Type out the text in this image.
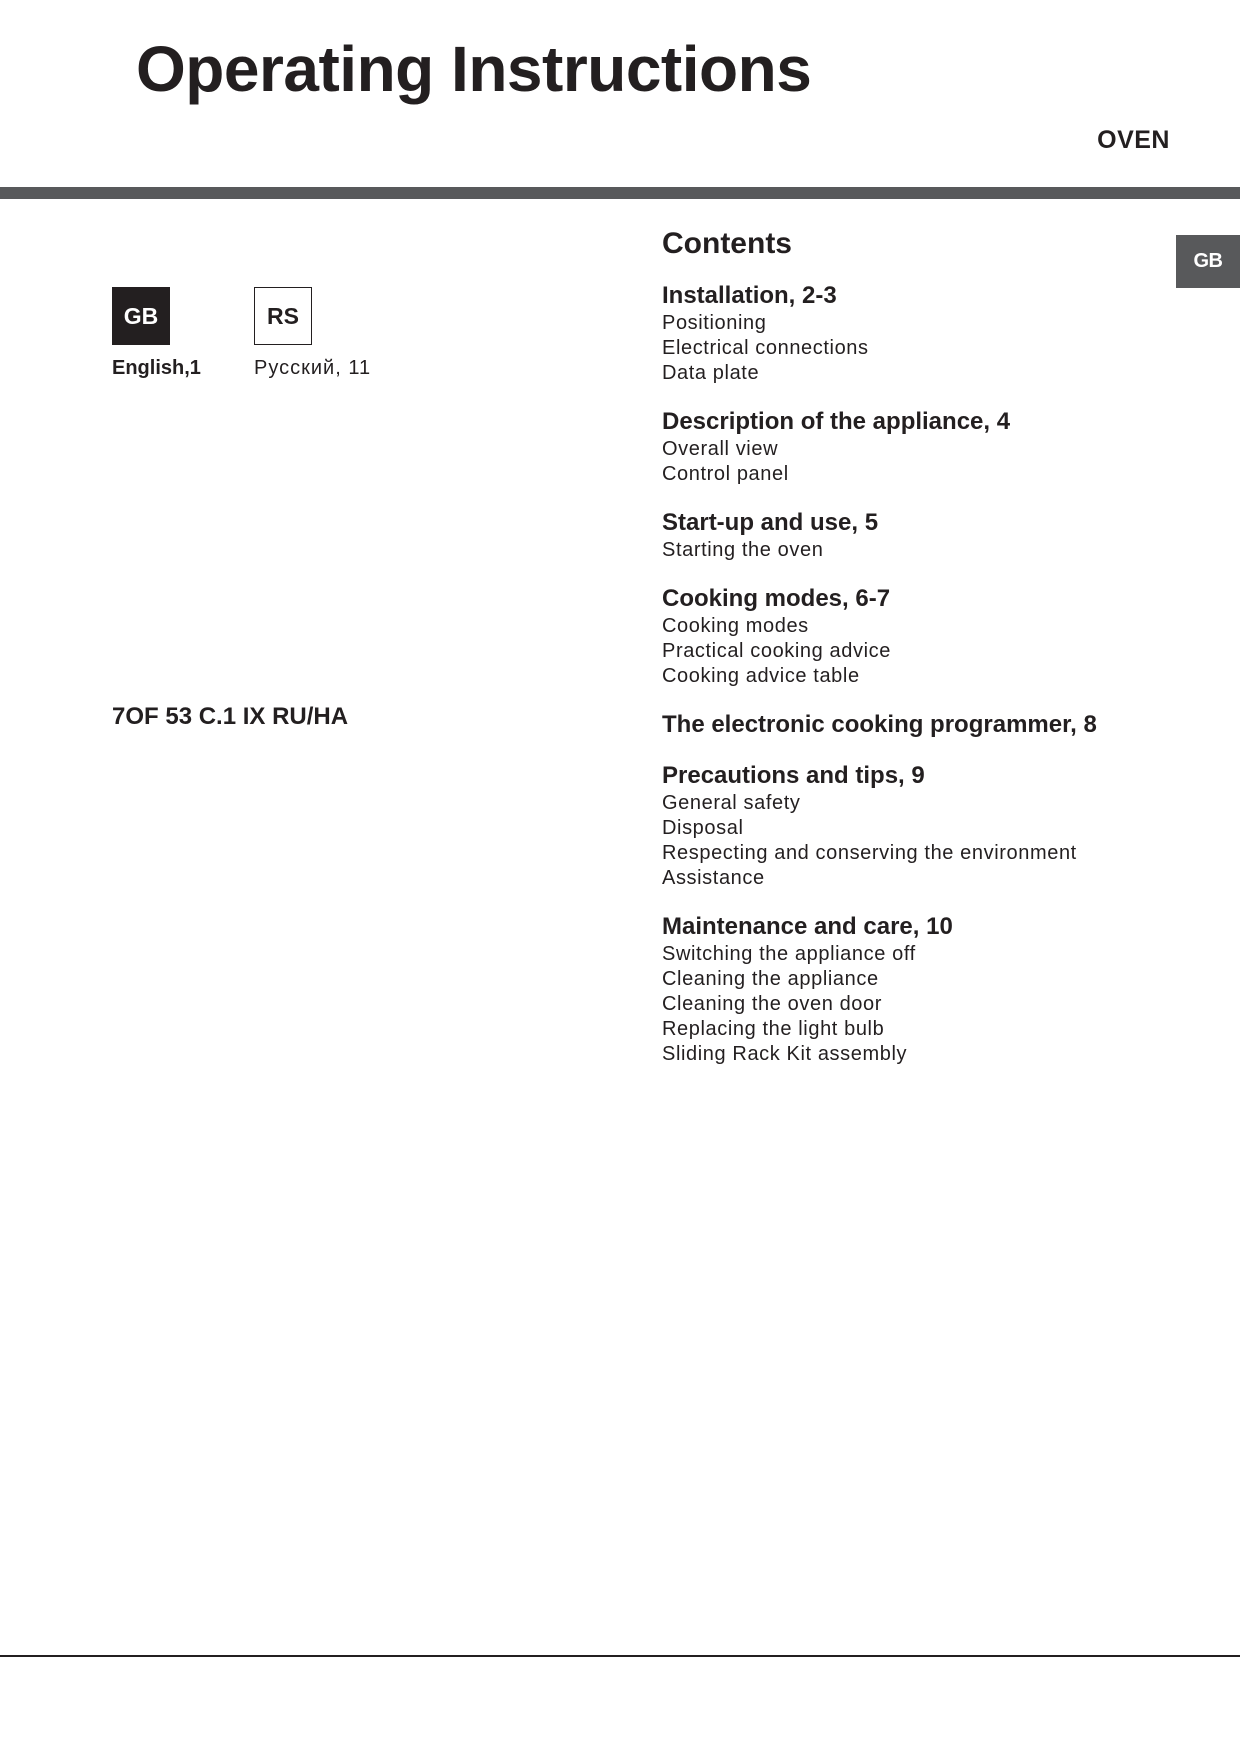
Operating Instructions
OVEN
GB
GB
English,1
RS
Русский, 11
7OF 53 C.1 IX RU/HA
Contents
Installation, 2-3
Positioning
Electrical connections
Data plate
Description of the appliance, 4
Overall view
Control panel
Start-up and use, 5
Starting the oven
Cooking modes, 6-7
Cooking modes
Practical cooking advice
Cooking advice table
The electronic cooking programmer, 8
Precautions and tips, 9
General safety
Disposal
Respecting and conserving the environment
Assistance
Maintenance and care, 10
Switching the appliance off
Cleaning the appliance
Cleaning the oven door
Replacing the light bulb
Sliding Rack Kit assembly
